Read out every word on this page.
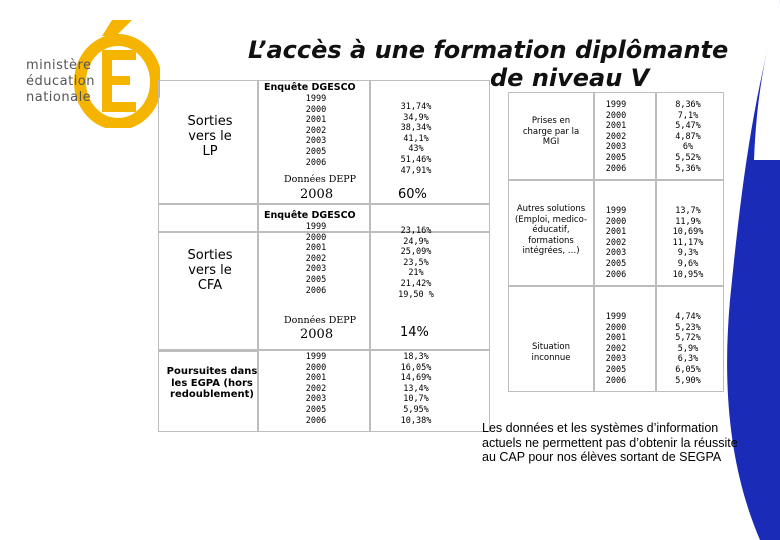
ministère
éducation
nationale
L’accès à une formation diplômante
de niveau V
Sorties vers le LP
Enquête DGESCO
1999
2000
2001
2002
2003
2005
2006
31,74%
34,9%
38,34%
41,1%
43%
51,46%
47,91%
Données DEPP
2008	60%
Sorties vers le CFA
Enquête DGESCO
1999
2000
2001
2002
2003
2005
2006
23,16%
24,9%
25,09%
23,5%
21%
21,42%
19,50 %
Données DEPP
2008	14%
Poursuites dans les EGPA (hors redoublement)
1999
2000
2001
2002
2003
2005
2006
18,3%
16,05%
14,69%
13,4%
10,7%
5,95%
10,38%
Prises en charge par la MGI
1999
2000
2001
2002
2003
2005
2006
8,36%
7,1%
5,47%
4,87%
6%
5,52%
5,36%
Autres solutions (Emploi, medico-éducatif, formations intégrées, …)
1999
2000
2001
2002
2003
2005
2006
13,7%
11,9%
10,69%
11,17%
9,3%
9,6%
10,95%
Situation inconnue
1999
2000
2001
2002
2003
2005
2006
4,74%
5,23%
5,72%
5,9%
6,3%
6,05%
5,90%
Les données et les systèmes d’information actuels ne permettent pas d’obtenir la réussite au CAP pour nos élèves sortant de SEGPA
